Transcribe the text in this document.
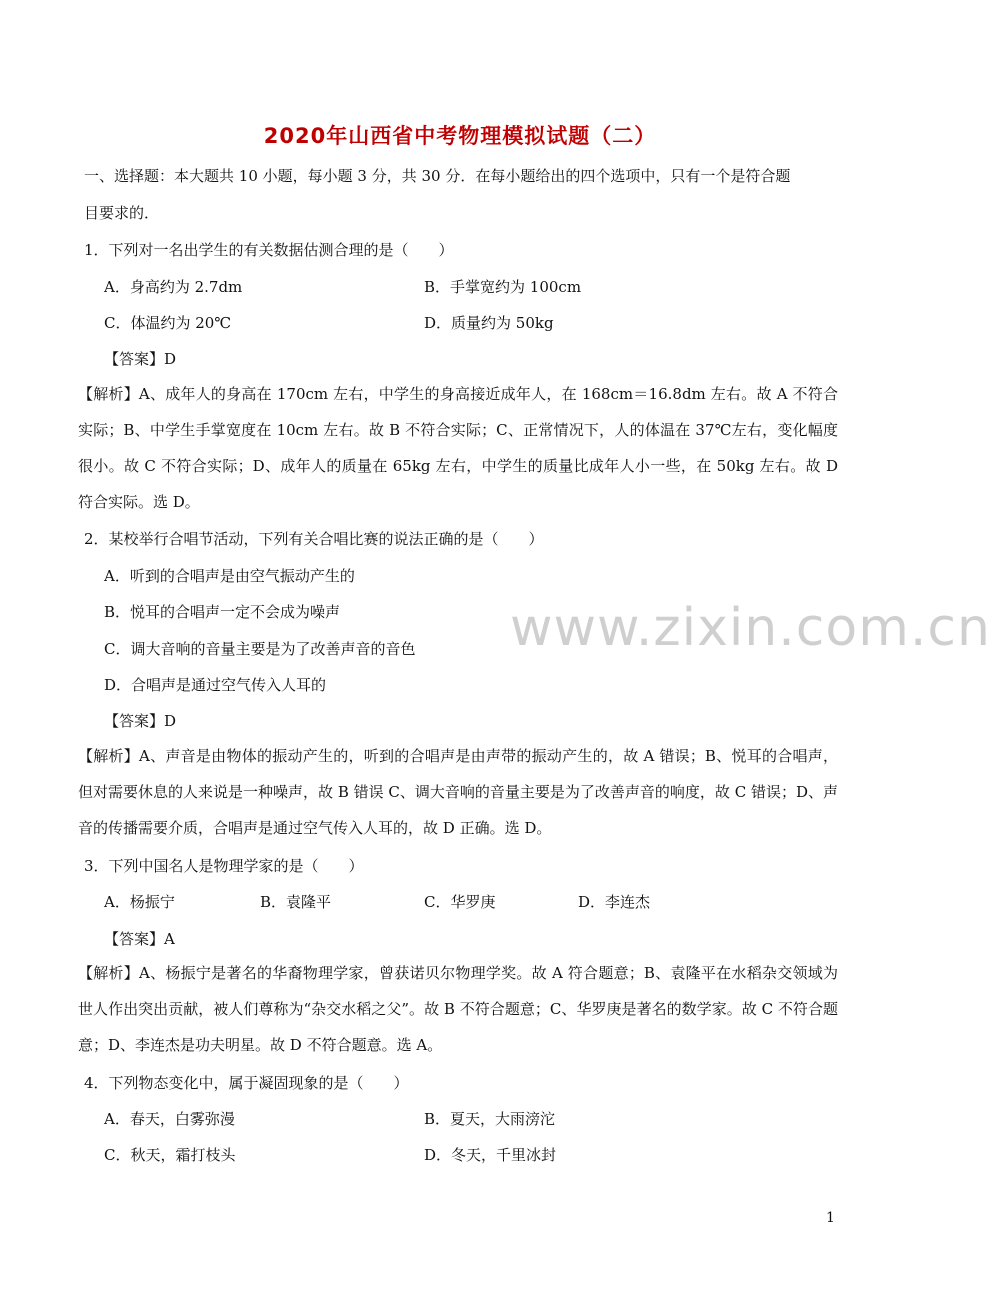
2020年山西省中考物理模拟试题（二）
一、选择题：本大题共 10 小题，每小题 3 分，共 30 分．在每小题给出的四个选项中，只有一个是符合题
目要求的．
1．下列对一名出学生的有关数据估测合理的是（　　）
A．身高约为 2.7dm	B．手掌宽约为 100cm
C．体温约为 20℃	D．质量约为 50kg
【答案】D
【解析】A、成年人的身高在 170cm 左右，中学生的身高接近成年人，在 168cm＝16.8dm 左右。故 A 不符合实际；B、中学生手掌宽度在 10cm 左右。故 B 不符合实际；C、正常情况下，人的体温在 37℃左右，变化幅度很小。故 C 不符合实际；D、成年人的质量在 65kg 左右，中学生的质量比成年人小一些，在 50kg 左右。故 D 符合实际。选 D。
2．某校举行合唱节活动，下列有关合唱比赛的说法正确的是（　　）
A．听到的合唱声是由空气振动产生的
B．悦耳的合唱声一定不会成为噪声
C．调大音响的音量主要是为了改善声音的音色
D．合唱声是通过空气传入人耳的
【答案】D
【解析】A、声音是由物体的振动产生的，听到的合唱声是由声带的振动产生的，故 A 错误；B、悦耳的合唱声，但对需要休息的人来说是一种噪声，故 B 错误 C、调大音响的音量主要是为了改善声音的响度，故 C 错误；D、声音的传播需要介质，合唱声是通过空气传入人耳的，故 D 正确。选 D。
3．下列中国名人是物理学家的是（　　）
A．杨振宁	B．袁隆平	C．华罗庚	D．李连杰
【答案】A
【解析】A、杨振宁是著名的华裔物理学家，曾获诺贝尔物理学奖。故 A 符合题意；B、袁隆平在水稻杂交领域为世人作出突出贡献，被人们尊称为“杂交水稻之父”。故 B 不符合题意；C、华罗庚是著名的数学家。故 C 不符合题意；D、李连杰是功夫明星。故 D 不符合题意。选 A。
4．下列物态变化中，属于凝固现象的是（　　）
A．春天，白雾弥漫	B．夏天，大雨滂沱
C．秋天，霜打枝头	D．冬天，千里冰封
www.zixin.com.cn
1
